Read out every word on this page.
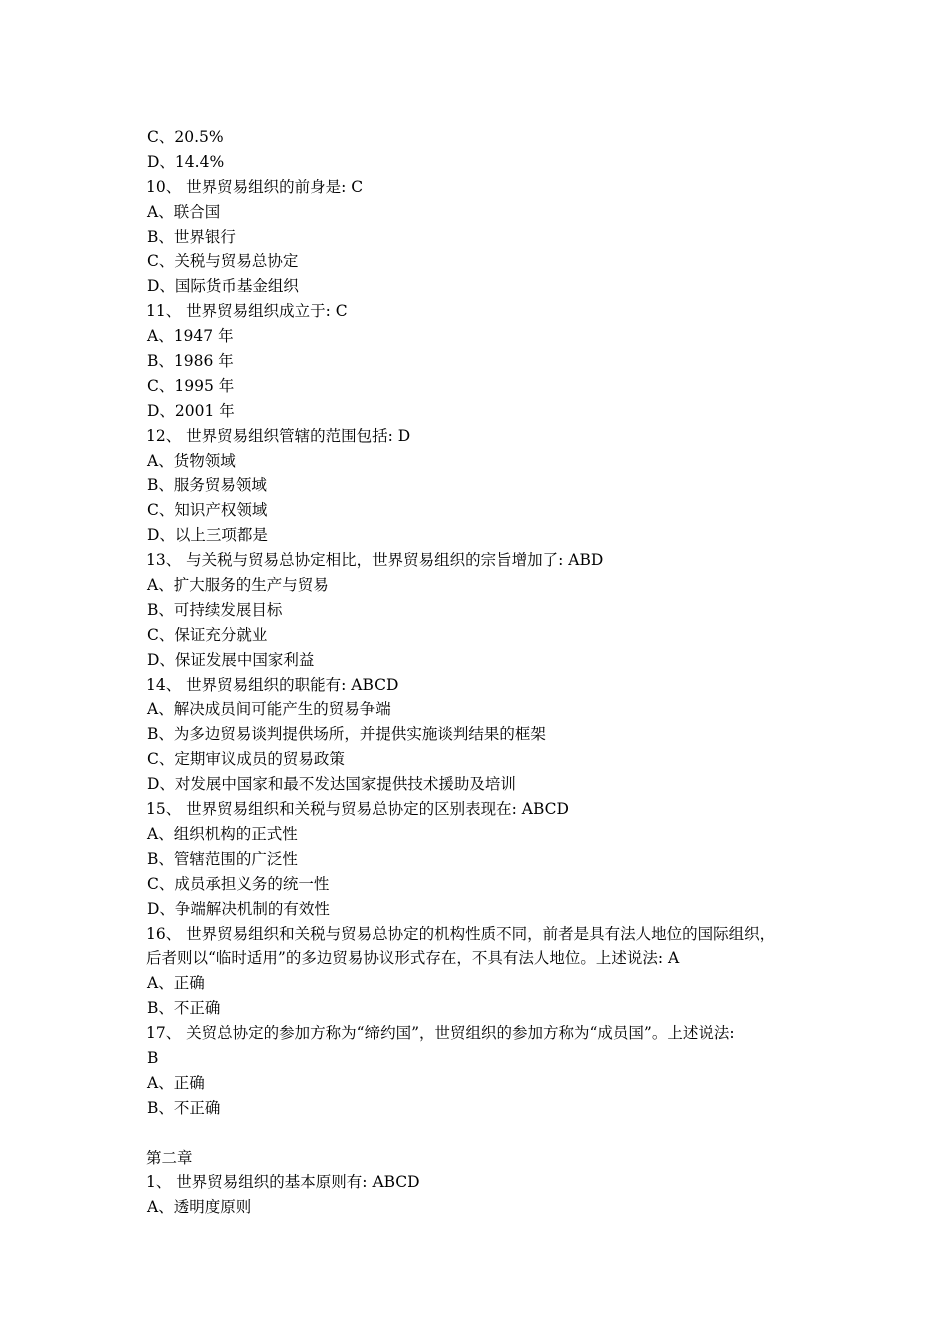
C、20.5%
D、14.4%
10、 世界贸易组织的前身是: C
A、联合国
B、世界银行
C、关税与贸易总协定
D、国际货币基金组织
11、 世界贸易组织成立于: C
A、1947 年
B、1986 年
C、1995 年
D、2001 年
12、 世界贸易组织管辖的范围包括: D
A、货物领域
B、服务贸易领域
C、知识产权领域
D、以上三项都是
13、 与关税与贸易总协定相比，世界贸易组织的宗旨增加了: ABD
A、扩大服务的生产与贸易
B、可持续发展目标
C、保证充分就业
D、保证发展中国家利益
14、 世界贸易组织的职能有: ABCD
A、解决成员间可能产生的贸易争端
B、为多边贸易谈判提供场所，并提供实施谈判结果的框架
C、定期审议成员的贸易政策
D、对发展中国家和最不发达国家提供技术援助及培训
15、 世界贸易组织和关税与贸易总协定的区别表现在: ABCD
A、组织机构的正式性
B、管辖范围的广泛性
C、成员承担义务的统一性
D、争端解决机制的有效性
16、 世界贸易组织和关税与贸易总协定的机构性质不同，前者是具有法人地位的国际组织，
后者则以“临时适用”的多边贸易协议形式存在，不具有法人地位。上述说法: A
A、正确
B、不正确
17、 关贸总协定的参加方称为“缔约国”，世贸组织的参加方称为“成员国”。上述说法:
B
A、正确
B、不正确
第二章
1、 世界贸易组织的基本原则有: ABCD
A、透明度原则
